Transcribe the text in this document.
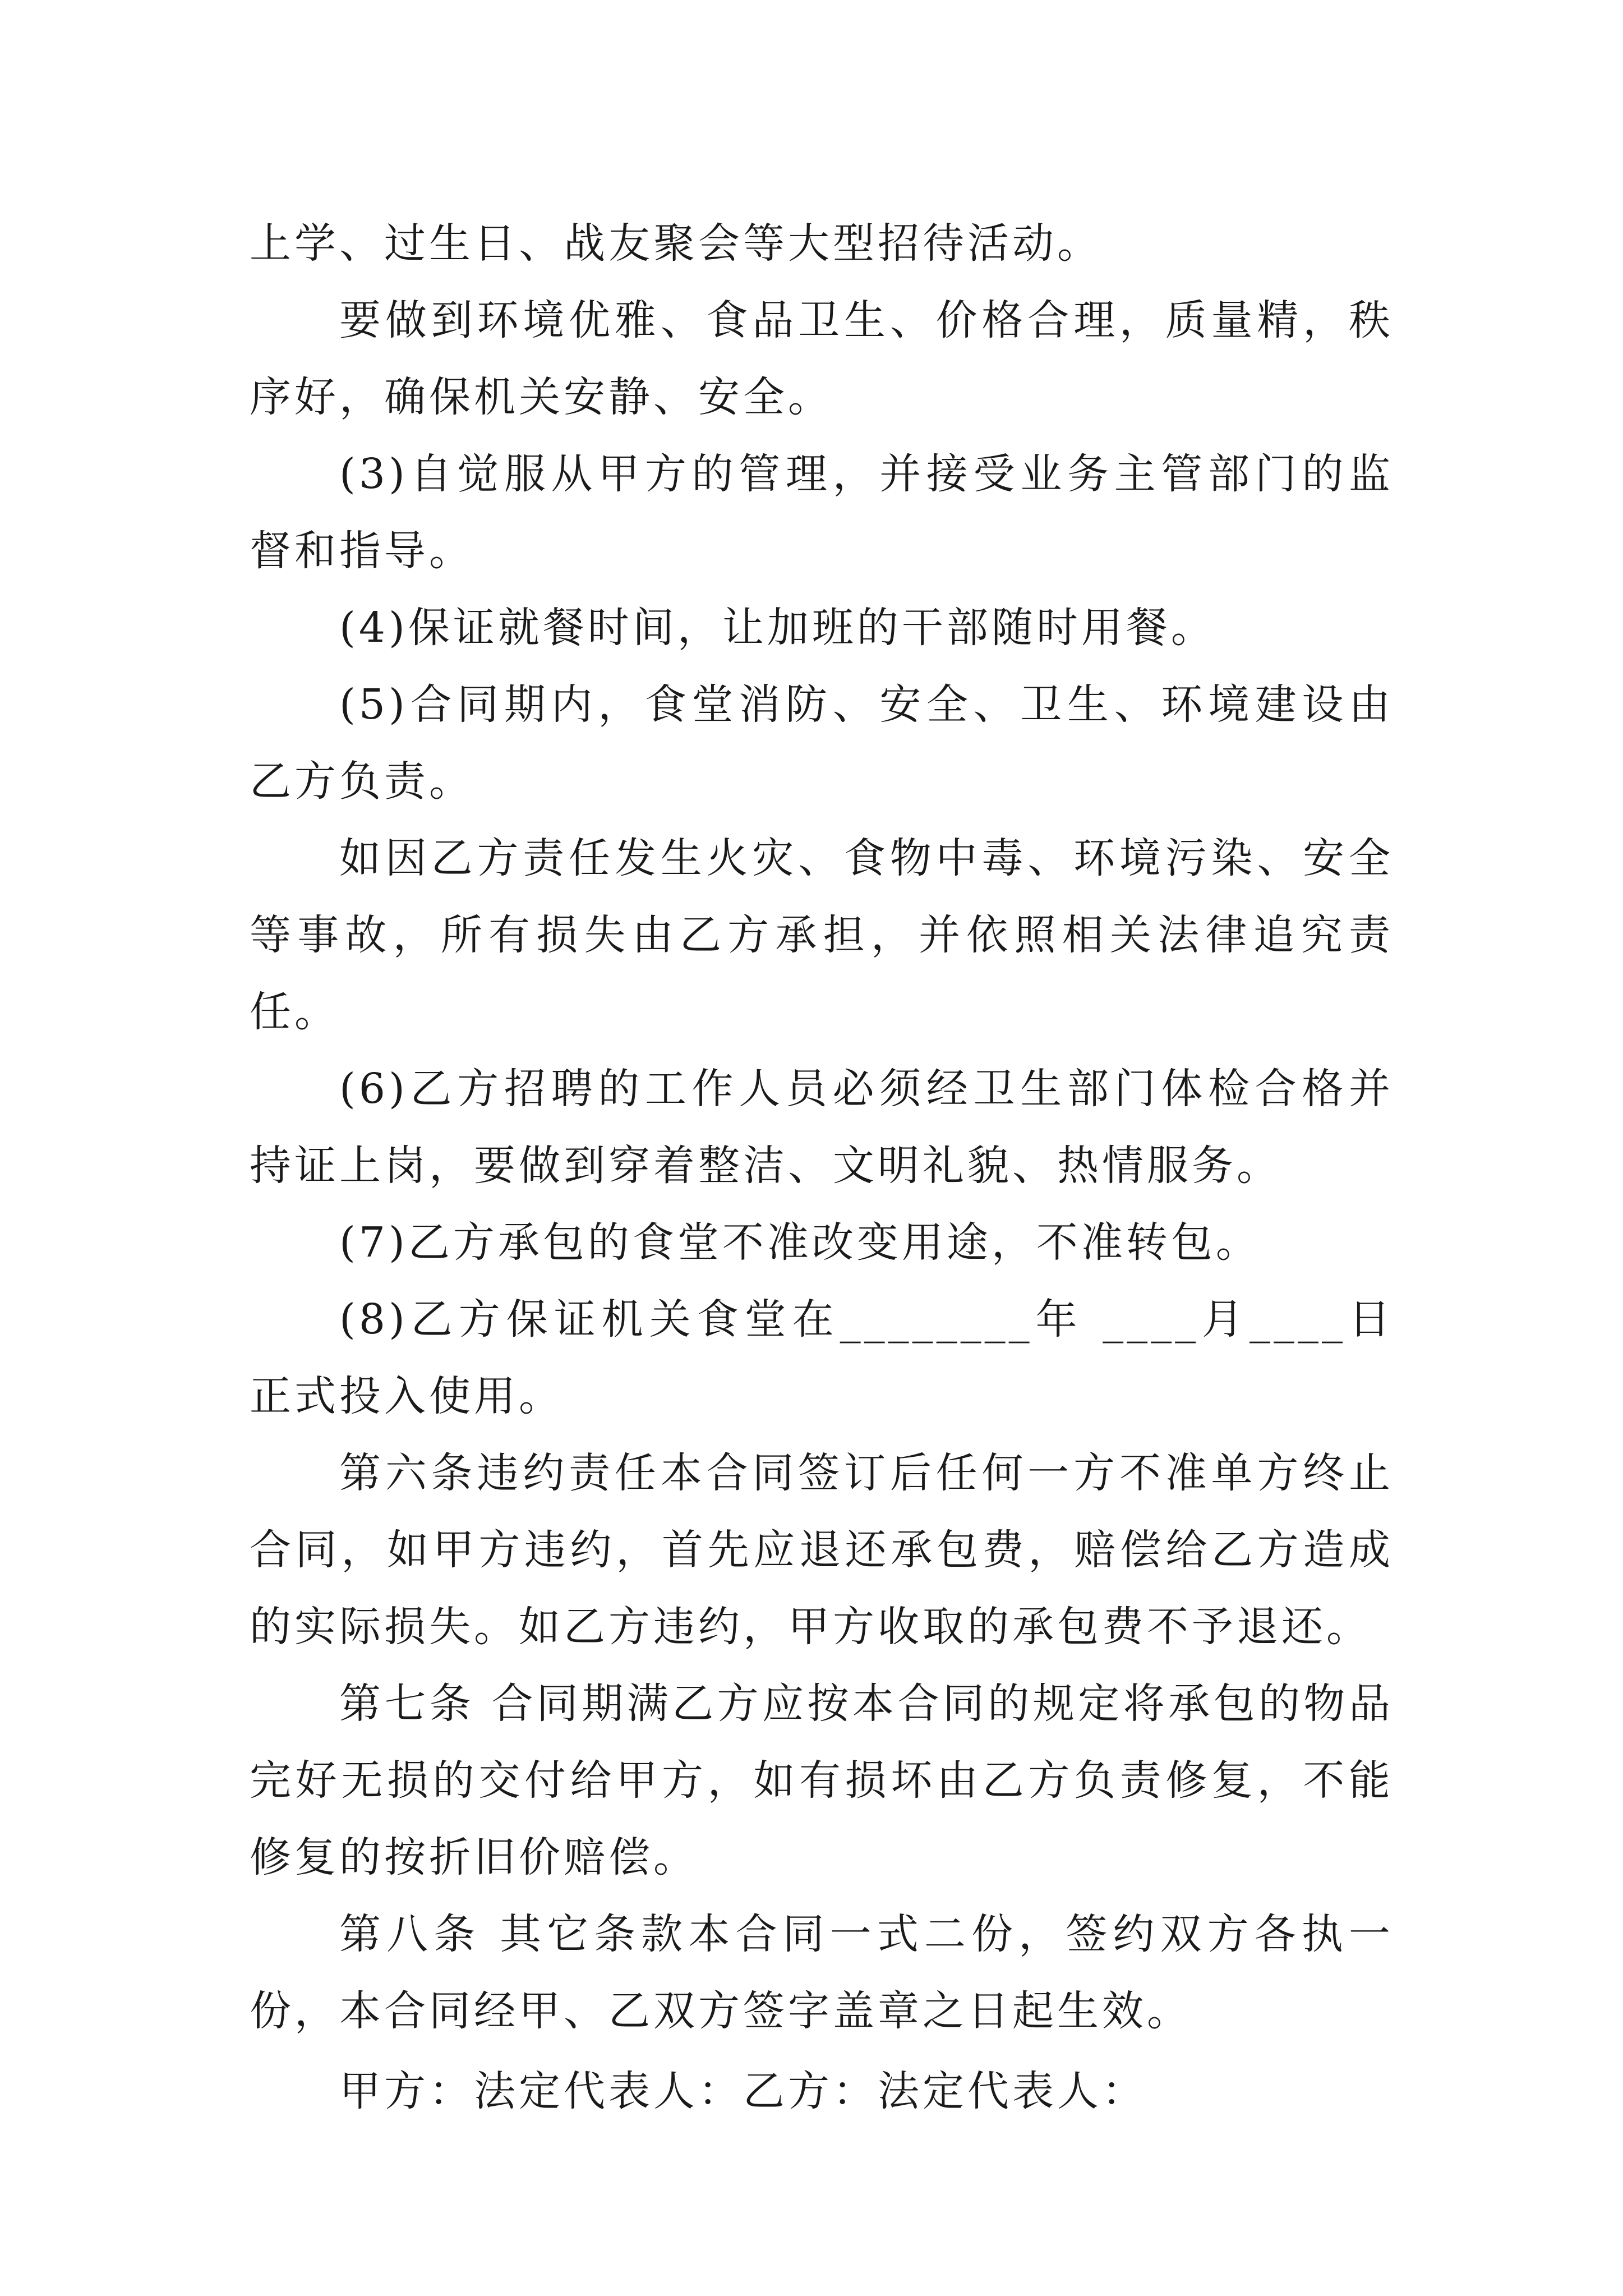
上学、过生日、战友聚会等大型招待活动。

要做到环境优雅、食品卫生、价格合理，质量精，秩序好，确保机关安静、安全。

(3)自觉服从甲方的管理，并接受业务主管部门的监督和指导。

(4)保证就餐时间，让加班的干部随时用餐。

(5)合同期内，食堂消防、安全、卫生、环境建设由乙方负责。

如因乙方责任发生火灾、食物中毒、环境污染、安全等事故，所有损失由乙方承担，并依照相关法律追究责任。

(6)乙方招聘的工作人员必须经卫生部门体检合格并持证上岗，要做到穿着整洁、文明礼貌、热情服务。

(7)乙方承包的食堂不准改变用途，不准转包。

(8)乙方保证机关食堂在________年 ____月____日正式投入使用。

第六条违约责任本合同签订后任何一方不准单方终止合同，如甲方违约，首先应退还承包费，赔偿给乙方造成的实际损失。如乙方违约，甲方收取的承包费不予退还。

第七条 合同期满乙方应按本合同的规定将承包的物品完好无损的交付给甲方，如有损坏由乙方负责修复，不能修复的按折旧价赔偿。

第八条 其它条款本合同一式二份，签约双方各执一份，本合同经甲、乙双方签字盖章之日起生效。

甲方：法定代表人：乙方：法定代表人：
